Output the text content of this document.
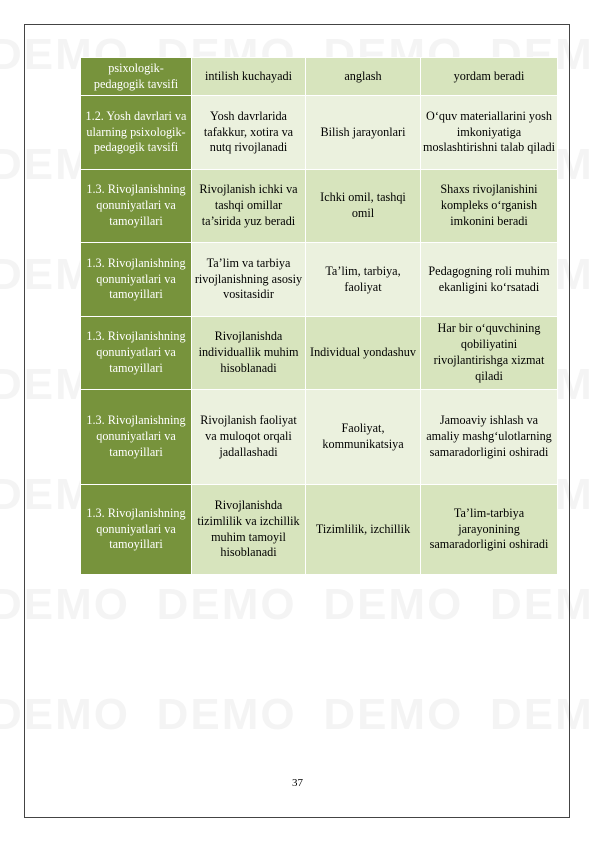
psixologik-pedagogik tavsifi	intilish kuchayadi	anglash	yordam beradi
1.2. Yosh davrlari va ularning psixologik-pedagogik tavsifi	Yosh davrlarida tafakkur, xotira va nutq rivojlanadi	Bilish jarayonlari	O‘quv materiallarini yosh imkoniyatiga moslashtirishni talab qiladi
1.3. Rivojlanishning qonuniyatlari va tamoyillari	Rivojlanish ichki va tashqi omillar ta’sirida yuz beradi	Ichki omil, tashqi omil	Shaxs rivojlanishini kompleks o‘rganish imkonini beradi
1.3. Rivojlanishning qonuniyatlari va tamoyillari	Ta’lim va tarbiya rivojlanishning asosiy vositasidir	Ta’lim, tarbiya, faoliyat	Pedagogning roli muhim ekanligini ko‘rsatadi
1.3. Rivojlanishning qonuniyatlari va tamoyillari	Rivojlanishda individuallik muhim hisoblanadi	Individual yondashuv	Har bir o‘quvchining qobiliyatini rivojlantirishga xizmat qiladi
1.3. Rivojlanishning qonuniyatlari va tamoyillari	Rivojlanish faoliyat va muloqot orqali jadallashadi	Faoliyat, kommunikatsiya	Jamoaviy ishlash va amaliy mashg‘ulotlarning samaradorligini oshiradi
1.3. Rivojlanishning qonuniyatlari va tamoyillari	Rivojlanishda tizimlilik va izchillik muhim tamoyil hisoblanadi	Tizimlilik, izchillik	Ta’lim-tarbiya jarayonining samaradorligini oshiradi
37
